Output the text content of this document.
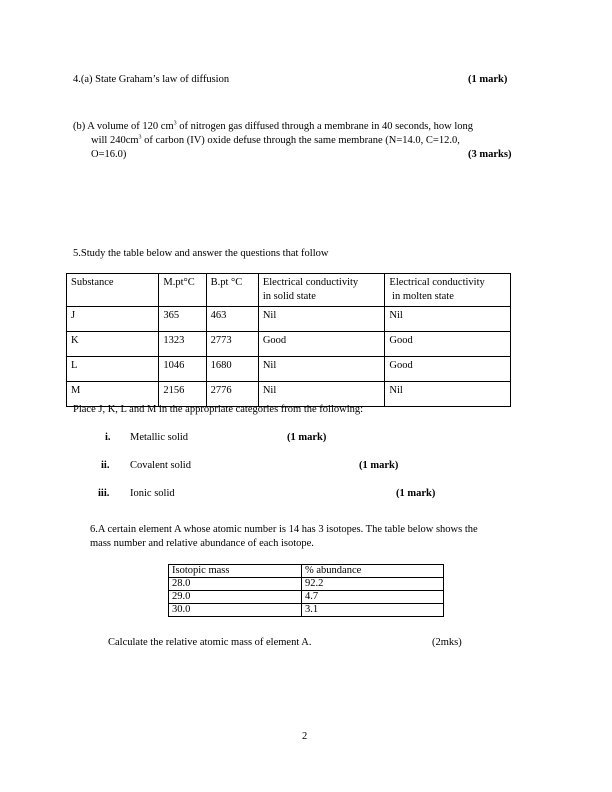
4.(a) State Graham’s law of diffusion	(1 mark)
(b) A volume of 120 $cm^3$ of nitrogen gas diffused through a membrane in 40 seconds, how long
will $240cm^3$ of carbon (IV) oxide defuse through the same membrane (N=14.0, C=12.0,
O=16.0)	(3 marks)
5.Study the table below and answer the questions that follow
Substance	M.pt°C	B.pt °C	Electrical conductivity
in solid state	Electrical conductivity
in molten state
J	365	463	Nil	Nil
K	1323	2773	Good	Good
L	1046	1680	Nil	Good
M	2156	2776	Nil	Nil
Place J, K, L and M in the appropriate categories from the following:
i. Metallic solid	(1 mark)
ii. Covalent solid	(1 mark)
iii. Ionic solid	(1 mark)
6.A certain element A whose atomic number is 14 has 3 isotopes. The table below shows the
mass number and relative abundance of each isotope.
Isotopic mass	% abundance
28.0	92.2
29.0	4.7
30.0	3.1
Calculate the relative atomic mass of element A.	(2mks)
2
